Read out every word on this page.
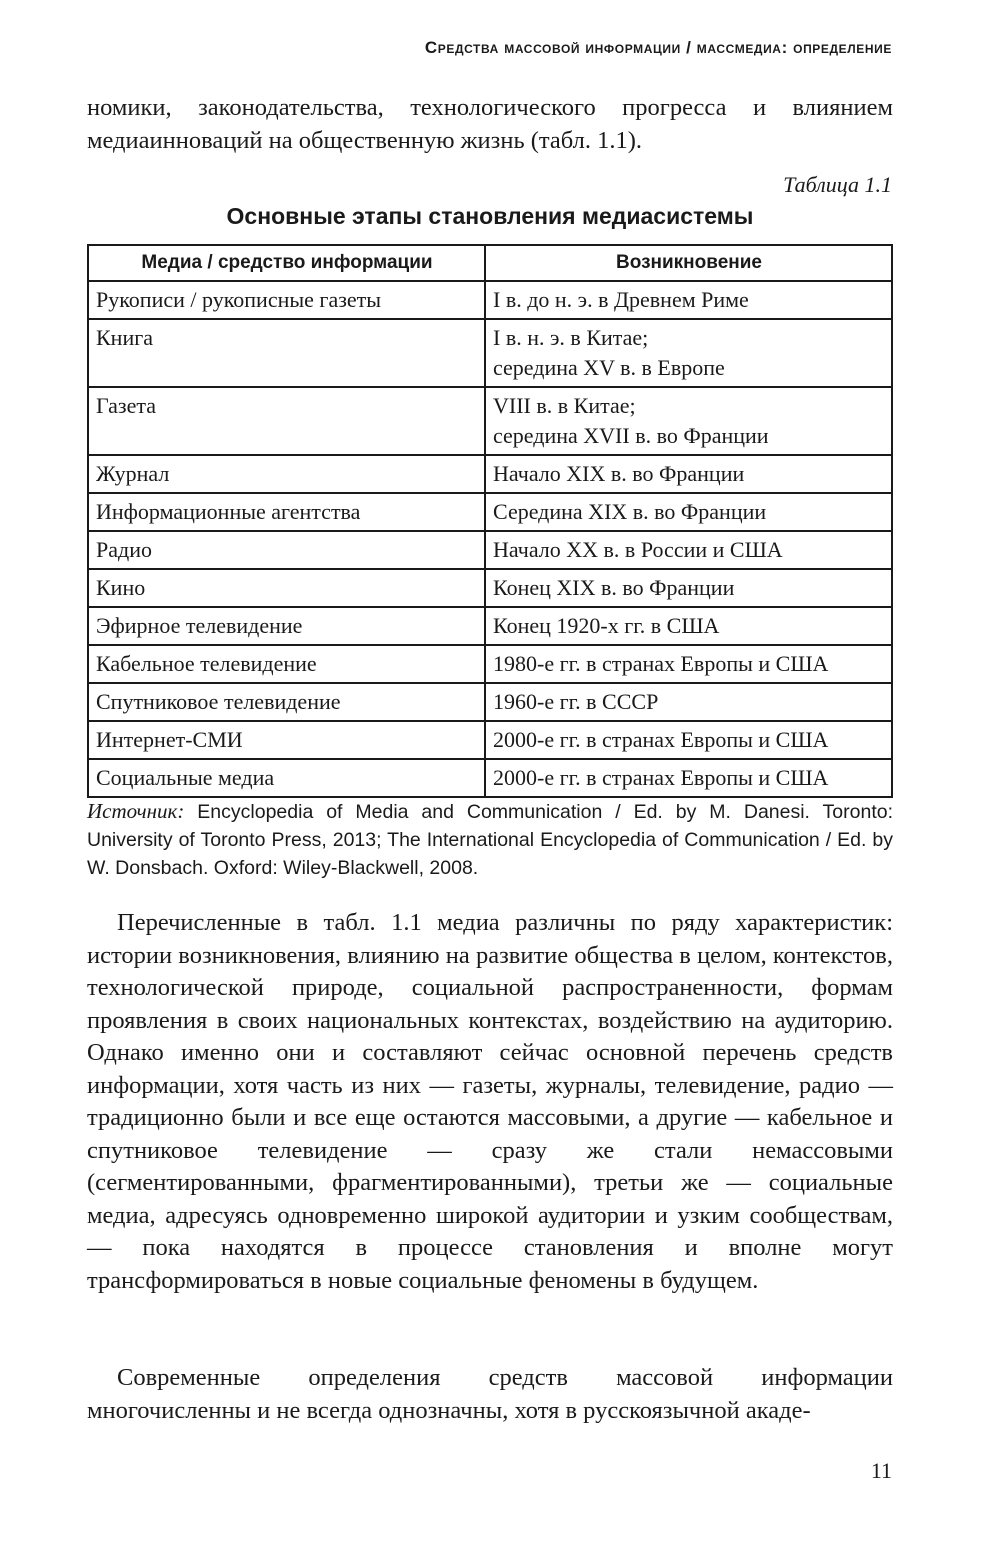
Средства массовой информации / массмедиа: определение
номики, законодательства, технологического прогресса и влиянием медиаинноваций на общественную жизнь (табл. 1.1).
Таблица 1.1
Основные этапы становления медиасистемы
Медиа / средство информации	Возникновение
Рукописи / рукописные газеты	I в. до н. э. в Древнем Риме

Книга	I в. н. э. в Китае;
середина XV в. в Европе

Газета	VIII в. в Китае;
середина XVII в. во Франции

Журнал	Начало XIX в. во Франции

Информационные агентства	Середина XIX в. во Франции

Радио	Начало XX в. в России и США

Кино	Конец XIX в. во Франции

Эфирное телевидение	Конец 1920-х гг. в США

Кабельное телевидение	1980-е гг. в странах Европы и США

Спутниковое телевидение	1960-е гг. в СССР

Интернет-СМИ	2000-е гг. в странах Европы и США

Социальные медиа	2000-е гг. в странах Европы и США
Источник: Encyclopedia of Media and Communication / Ed. by M. Danesi. Toronto: University of Toronto Press, 2013; The International Encyclopedia of Communication / Ed. by W. Donsbach. Oxford: Wiley-Blackwell, 2008.
Перечисленные в табл. 1.1 медиа различны по ряду характеристик: истории возникновения, влиянию на развитие общества в целом, контекстов, технологической природе, социальной распространенности, формам проявления в своих национальных контекстах, воздействию на аудиторию. Однако именно они и составляют сейчас основной перечень средств информации, хотя часть из них — газеты, журналы, телевидение, радио — традиционно были и все еще остаются массовыми, а другие — кабельное и спутниковое телевидение — сразу же стали немассовыми (сегментированными, фрагментированными), третьи же — социальные медиа, адресуясь одновременно широкой аудитории и узким сообществам, — пока находятся в процессе становления и вполне могут трансформироваться в новые социальные феномены в будущем.
Современные определения средств массовой информации многочисленны и не всегда однозначны, хотя в русскоязычной акаде-
11
